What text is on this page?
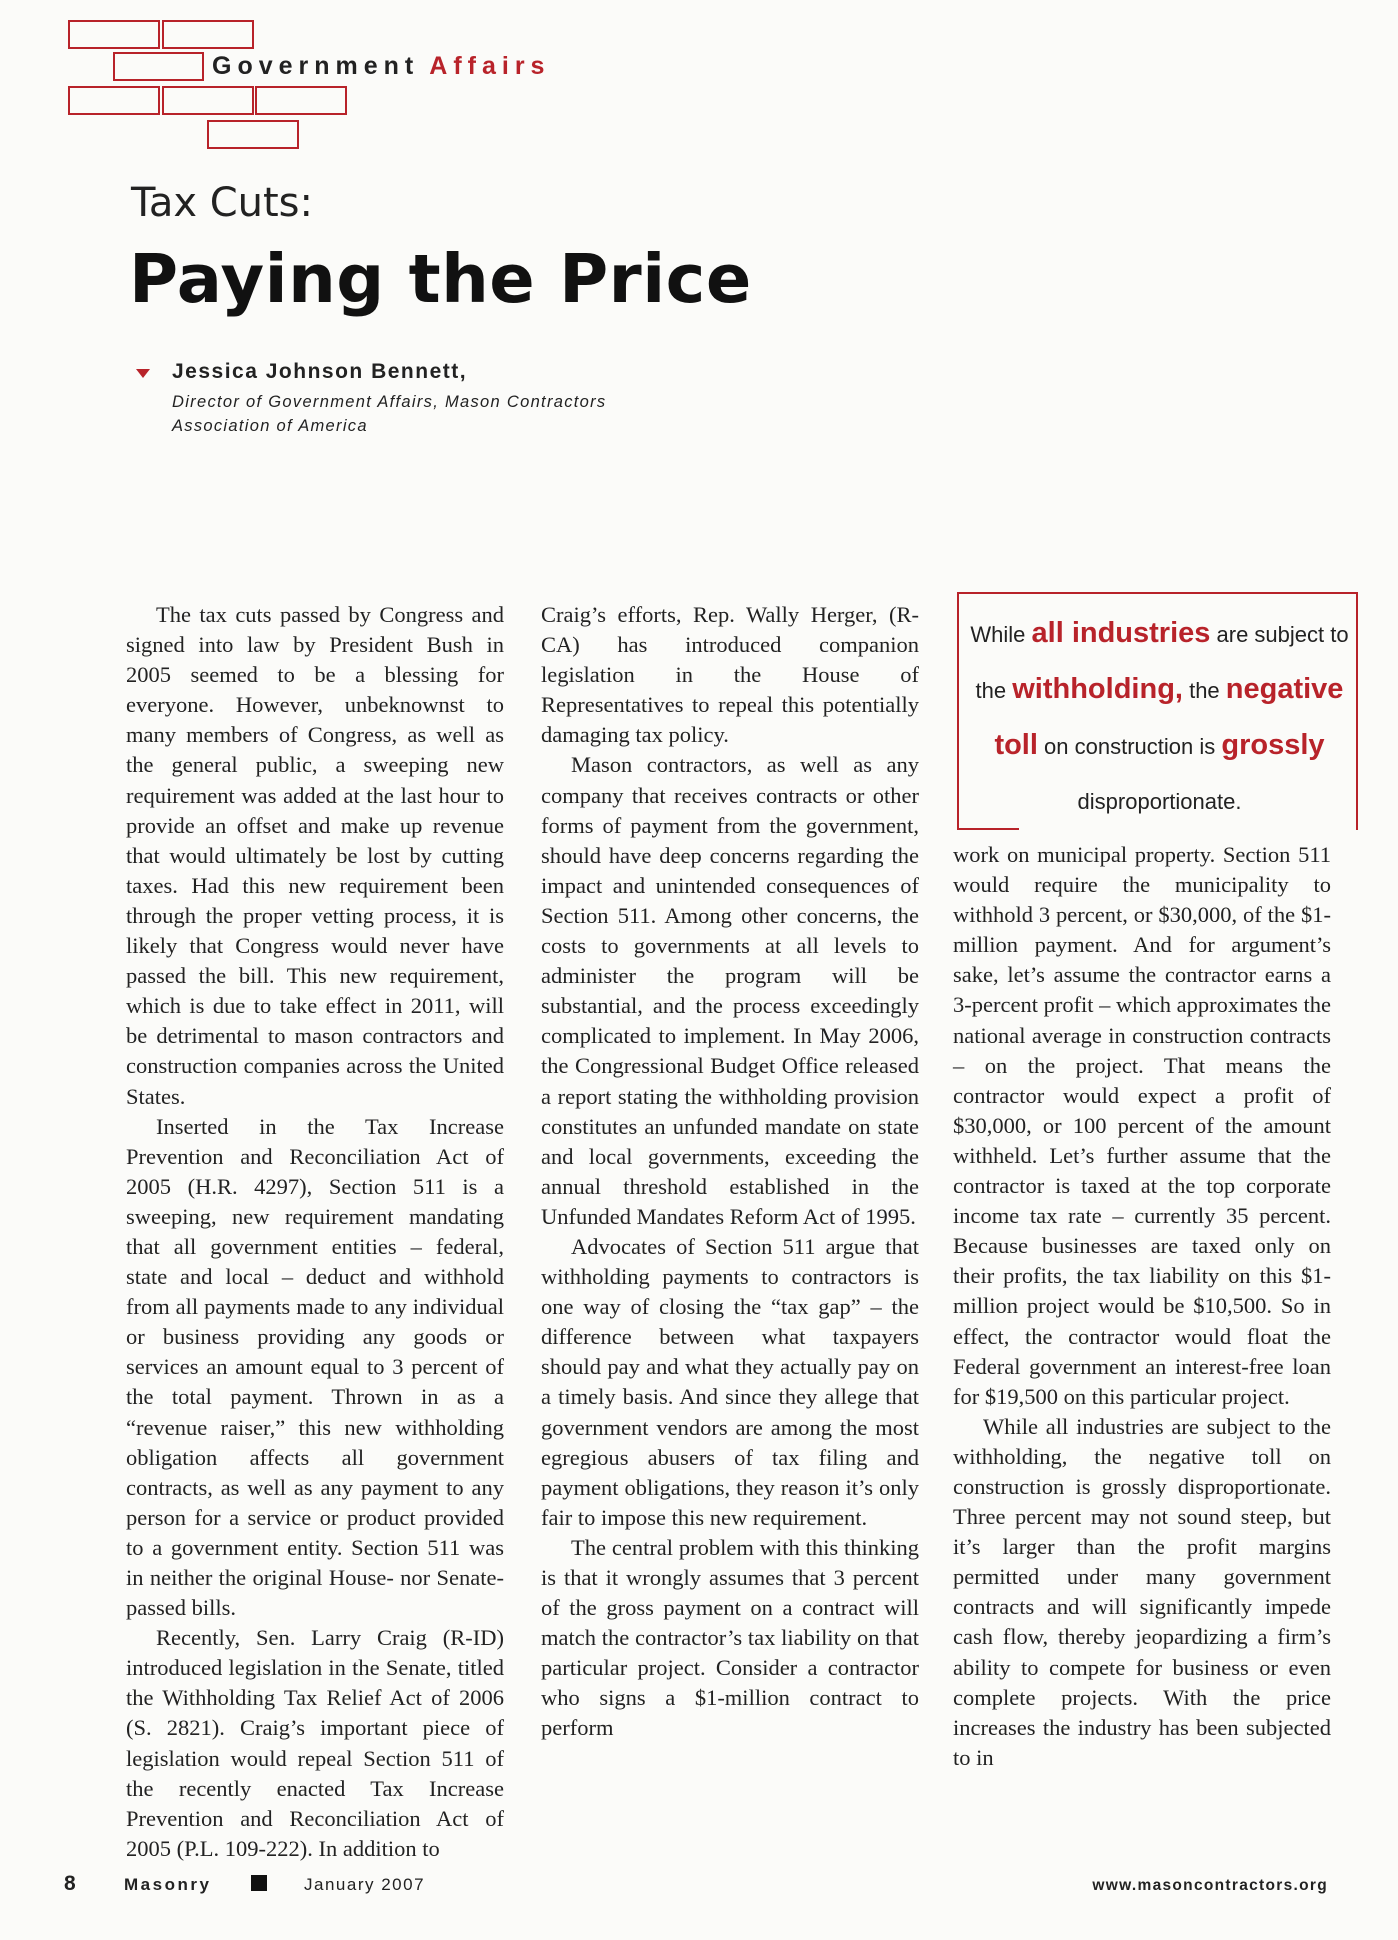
Government Affairs
Tax Cuts:
Paying the Price
Jessica Johnson Bennett,
Director of Government Affairs, Mason Contractors
Association of America

The tax cuts passed by Congress and signed into law by President Bush in 2005 seemed to be a blessing for everyone. However, unbeknownst to many members of Congress, as well as the general public, a sweeping new requirement was added at the last hour to provide an offset and make up revenue that would ultimately be lost by cutting taxes. Had this new requirement been through the proper vetting process, it is likely that Congress would never have passed the bill. This new requirement, which is due to take effect in 2011, will be detrimental to mason contractors and construction companies across the United States.

Inserted in the Tax Increase Prevention and Reconciliation Act of 2005 (H.R. 4297), Section 511 is a sweeping, new requirement mandating that all government entities – federal, state and local – deduct and withhold from all payments made to any individual or business providing any goods or services an amount equal to 3 percent of the total payment. Thrown in as a “revenue raiser,” this new withholding obligation affects all government contracts, as well as any payment to any person for a service or product provided to a government entity. Section 511 was in neither the original House- nor Senate-passed bills.

Recently, Sen. Larry Craig (R-ID) introduced legislation in the Senate, titled the Withholding Tax Relief Act of 2006 (S. 2821). Craig’s important piece of legislation would repeal Section 511 of the recently enacted Tax Increase Prevention and Reconciliation Act of 2005 (P.L. 109-222). In addition to

Craig’s efforts, Rep. Wally Herger, (R-CA) has introduced companion legislation in the House of Representatives to repeal this potentially damaging tax policy.

Mason contractors, as well as any company that receives contracts or other forms of payment from the government, should have deep concerns regarding the impact and unintended consequences of Section 511. Among other concerns, the costs to governments at all levels to administer the program will be substantial, and the process exceedingly complicated to implement. In May 2006, the Congressional Budget Office released a report stating the withholding provision constitutes an unfunded mandate on state and local governments, exceeding the annual threshold established in the Unfunded Mandates Reform Act of 1995.

Advocates of Section 511 argue that withholding payments to contractors is one way of closing the “tax gap” – the difference between what taxpayers should pay and what they actually pay on a timely basis. And since they allege that government vendors are among the most egregious abusers of tax filing and payment obligations, they reason it’s only fair to impose this new requirement.

The central problem with this thinking is that it wrongly assumes that 3 percent of the gross payment on a contract will match the contractor’s tax liability on that particular project. Consider a contractor who signs a $1-million contract to perform

While all industries are subject to the withholding, the negative toll on construction is grossly disproportionate.

work on municipal property. Section 511 would require the municipality to withhold 3 percent, or $30,000, of the $1-million payment. And for argument’s sake, let’s assume the contractor earns a 3-percent profit – which approximates the national average in construction contracts – on the project. That means the contractor would expect a profit of $30,000, or 100 percent of the amount withheld. Let’s further assume that the contractor is taxed at the top corporate income tax rate – currently 35 percent. Because businesses are taxed only on their profits, the tax liability on this $1-million project would be $10,500. So in effect, the contractor would float the Federal government an interest-free loan for $19,500 on this particular project.

While all industries are subject to the withholding, the negative toll on construction is grossly disproportionate. Three percent may not sound steep, but it’s larger than the profit margins permitted under many government contracts and will significantly impede cash flow, thereby jeopardizing a firm’s ability to compete for business or even complete projects. With the price increases the industry has been subjected to in

8	Masonry	January 2007	www.masoncontractors.org
